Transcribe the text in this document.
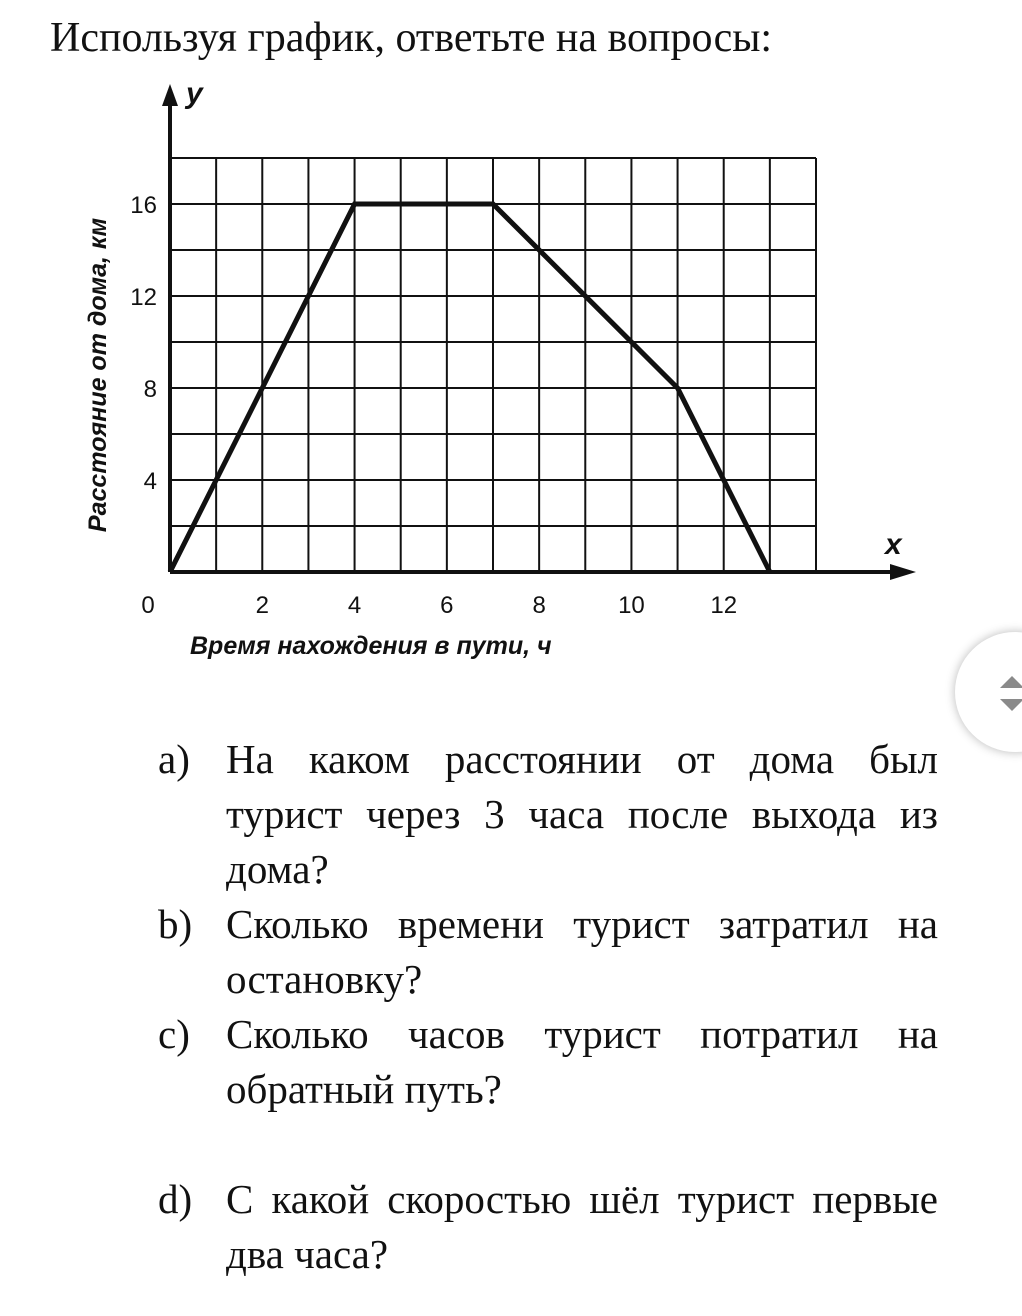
Используя график, ответьте на вопросы:
0	2	4	6	8	10	12
4
8
12
16
y
x
Время нахождения в пути, ч
Расстояние от дома, км
a) На каком расстоянии от дома был турист через 3 часа после выхода из дома?
b) Сколько времени турист затратил на остановку?
c) Сколько часов турист потратил на обратный путь?
d) С какой скоростью шёл турист первые два часа?
